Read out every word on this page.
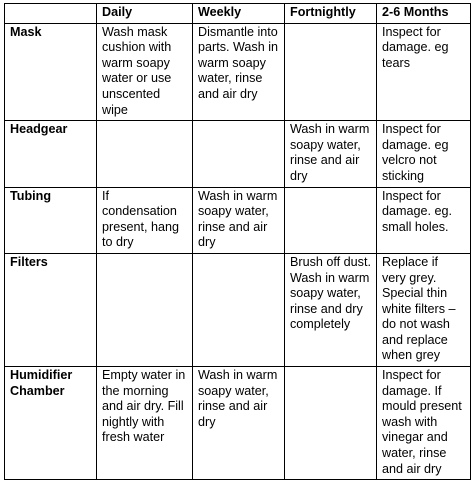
	Daily	Weekly	Fortnightly	2-6 Months
Mask	Wash mask cushion with warm soapy water or use unscented wipe	Dismantle into parts. Wash in warm soapy water, rinse and air dry		Inspect for damage. eg tears
Headgear			Wash in warm soapy water, rinse and air dry	Inspect for damage. eg velcro not sticking
Tubing	If condensation present, hang to dry	Wash in warm soapy water, rinse and air dry		Inspect for damage. eg. small holes.
Filters			Brush off dust. Wash in warm soapy water, rinse and dry completely	Replace if very grey. Special thin white filters – do not wash and replace when grey
Humidifier Chamber	Empty water in the morning and air dry. Fill nightly with fresh water	Wash in warm soapy water, rinse and air dry		Inspect for damage. If mould present wash with vinegar and water, rinse and air dry
